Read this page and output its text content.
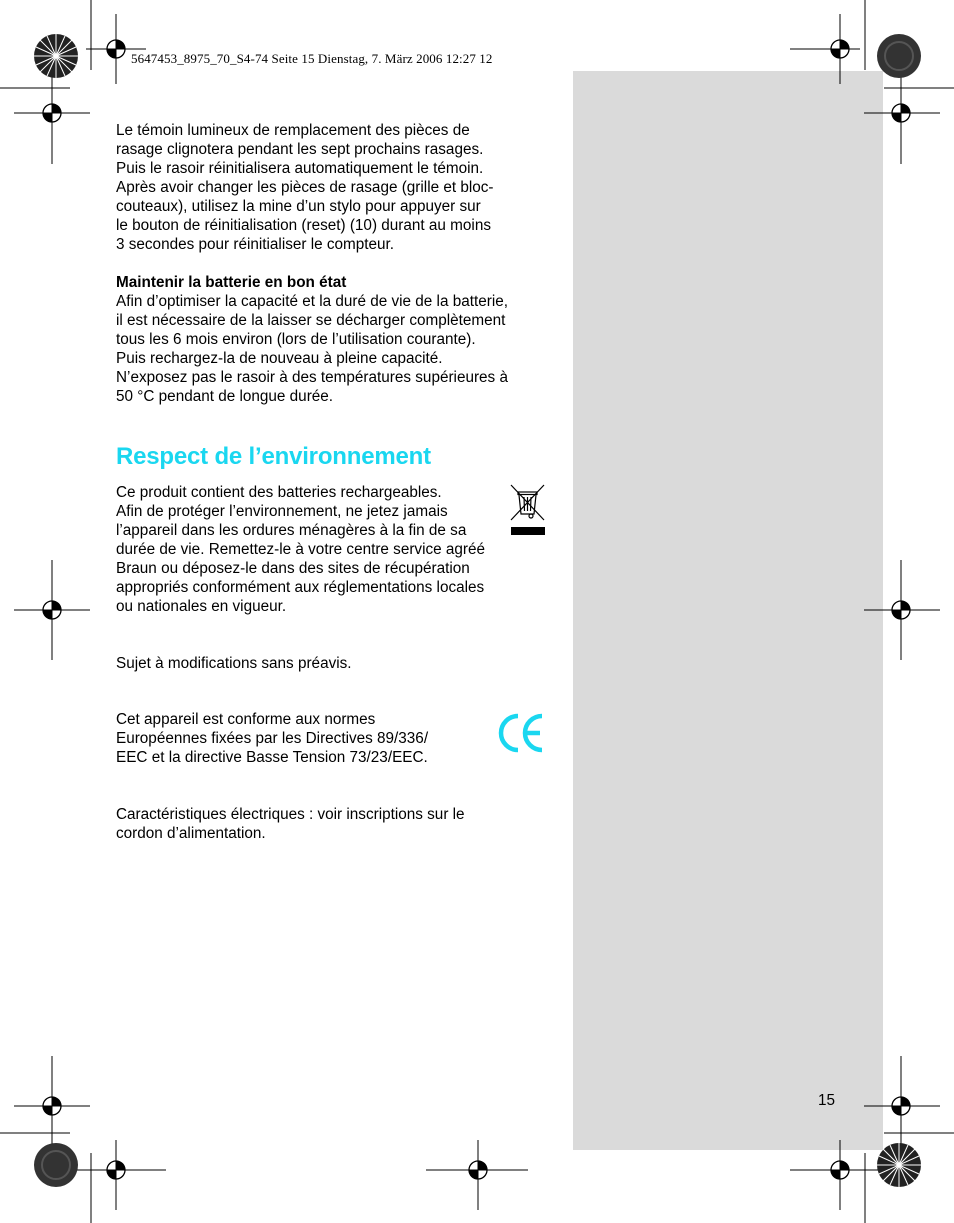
5647453_8975_70_S4-74 Seite 15 Dienstag, 7. März 2006 12:27 12

Le témoin lumineux de remplacement des pièces de
rasage clignotera pendant les sept prochains rasages.
Puis le rasoir réinitialisera automatiquement le témoin.
Après avoir changer les pièces de rasage (grille et bloc-
couteaux), utilisez la mine d’un stylo pour appuyer sur
le bouton de réinitialisation (reset) (10) durant au moins
3 secondes pour réinitialiser le compteur.

Maintenir la batterie en bon état
Afin d’optimiser la capacité et la duré de vie de la batterie,
il est nécessaire de la laisser se décharger complètement
tous les 6 mois environ (lors de l’utilisation courante).
Puis rechargez-la de nouveau à pleine capacité.
N’exposez pas le rasoir à des températures supérieures à
50 °C pendant de longue durée.

Respect de l’environnement

Ce produit contient des batteries rechargeables.
Afin de protéger l’environnement, ne jetez jamais
l’appareil dans les ordures ménagères à la fin de sa
durée de vie. Remettez-le à votre centre service agréé
Braun ou déposez-le dans des sites de récupération
appropriés conformément aux réglementations locales
ou nationales en vigueur.

Sujet à modifications sans préavis.

Cet appareil est conforme aux normes
Européennes fixées par les Directives 89/336/
EEC et la directive Basse Tension 73/23/EEC.

Caractéristiques électriques : voir inscriptions sur le
cordon d’alimentation.

15
